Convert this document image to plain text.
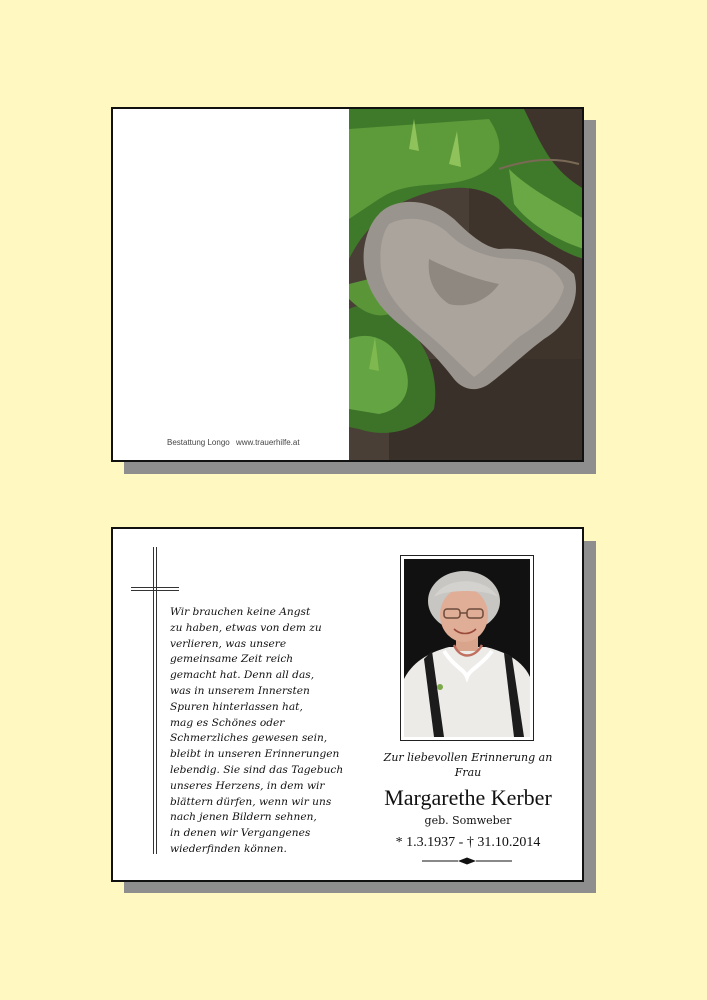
Bestattung Longo www.trauerhilfe.at
Wir brauchen keine Angst
zu haben, etwas von dem zu
verlieren, was unsere
gemeinsame Zeit reich
gemacht hat. Denn all das,
was in unserem Innersten
Spuren hinterlassen hat,
mag es Schönes oder
Schmerzliches gewesen sein,
bleibt in unseren Erinnerungen
lebendig. Sie sind das Tagebuch
unseres Herzens, in dem wir
blättern dürfen, wenn wir uns
nach jenen Bildern sehnen,
in denen wir Vergangenes
wiederfinden können.
Zur liebevollen Erinnerung an
Frau
Margarethe Kerber
geb. Somweber
* 1.3.1937 - † 31.10.2014
